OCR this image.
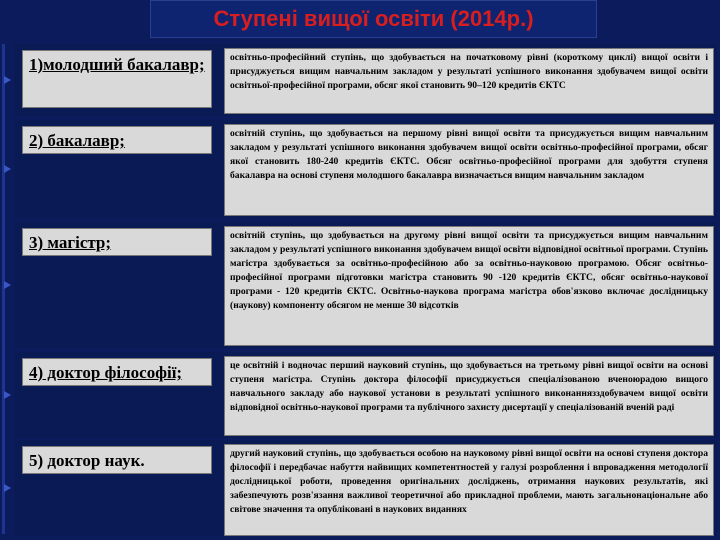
Ступені вищої освіти (2014р.)
1)молодший бакалавр;	освітньо-професійний ступінь, що здобувається на початковому рівні (короткому циклі) вищої освіти і присуджується вищим навчальним закладом у результаті успішного виконання здобувачем вищої освіти освітньої-професійної програми, обсяг якої становить 90–120 кредитів ЄКТС
2) бакалавр;	освітній ступінь, що здобувається на першому рівні вищої освіти та присуджується вищим навчальним закладом у результаті успішного виконання здобувачем вищої освіти освітньо-професійної програми, обсяг якої становить 180-240 кредитів ЄКТС. Обсяг освітньо-професійної програми для здобуття ступеня бакалавра на основі ступеня молодшого бакалавра визначається вищим навчальним закладом
3) магістр;	освітній ступінь, що здобувається на другому рівні вищої освіти та присуджується вищим навчальним закладом у результаті успішного виконання здобувачем вищої освіти відповідної освітньої програми. Ступінь магістра здобувається за освітньо-професійною або за освітньо-науковою програмою. Обсяг освітньо-професійної програми підготовки магістра становить 90 -120 кредитів ЄКТС, обсяг освітньо-наукової програми - 120 кредитів ЄКТС. Освітньо-наукова програма магістра обов'язково включає дослідницьку (наукову) компоненту обсягом не менше 30 відсотків
4) доктор філософії;	це освітній і водночас перший науковий ступінь, що здобувається на третьому рівні вищої освіти на основі ступеня магістра. Ступінь доктора філософії присуджується спеціалізованою вченоюрадою вищого навчального закладу або наукової установи в результаті успішного виконаннязздобувачем вищої освіти відповідної освітньо-наукової програми та публічного захисту дисертації у спеціалізованій вченій раді
5) доктор наук.	другий науковий ступінь, що здобувається особою на науковому рівні вищої освіти на основі ступеня доктора філософії і передбачає набуття найвищих компетентностей у галузі розроблення і впровадження методології дослідницької роботи, проведення оригінальних досліджень, отримання наукових результатів, які забезпечують розв'язання важливої теоретичної або прикладної проблеми, мають загальнонаціональне або світове значення та опубліковані в наукових виданнях
